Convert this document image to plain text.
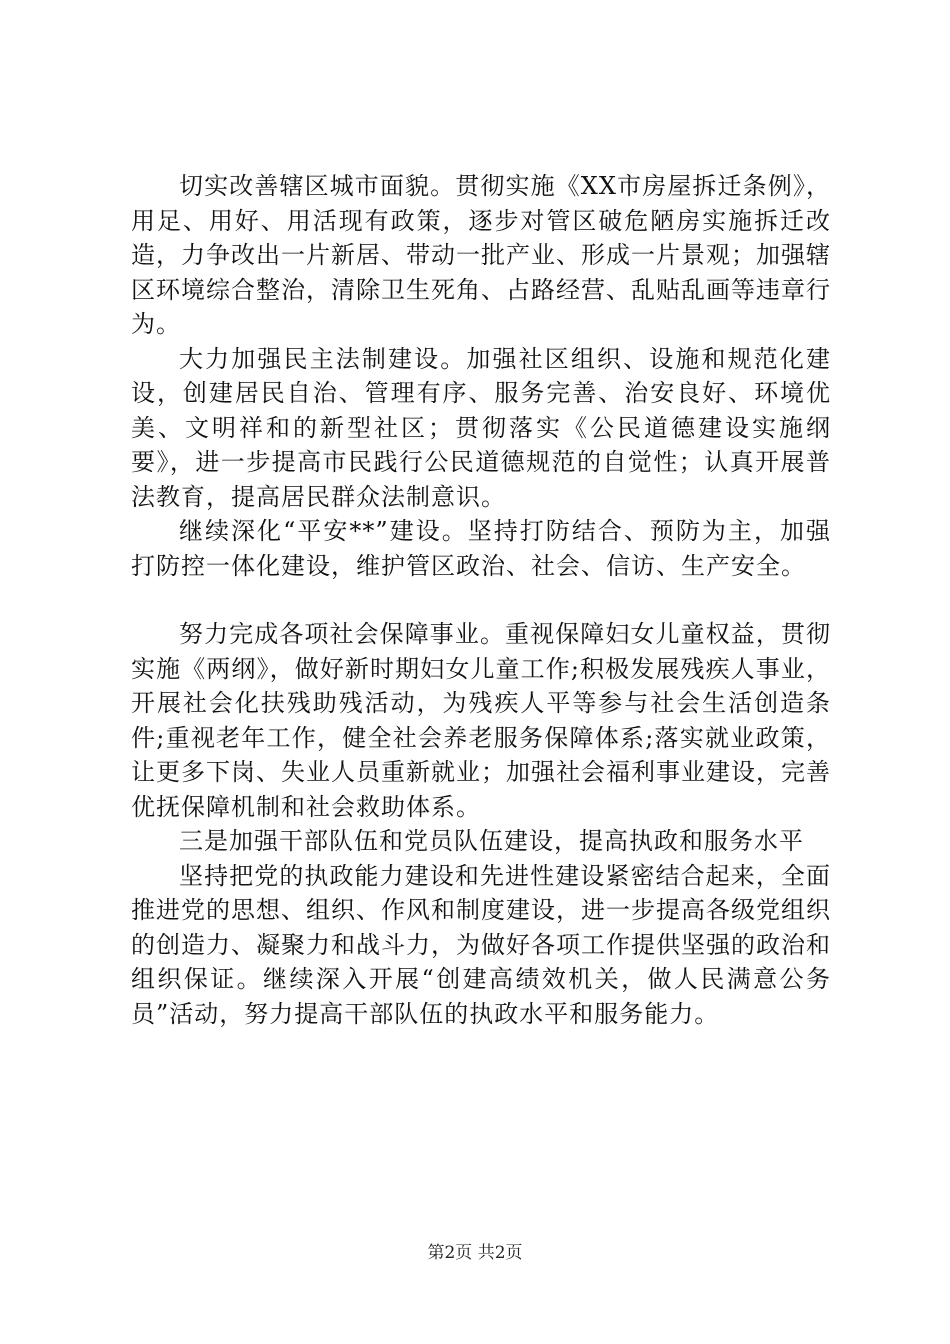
切实改善辖区城市面貌。贯彻实施《XX市房屋拆迁条例》，用足、用好、用活现有政策，逐步对管区破危陋房实施拆迁改造，力争改出一片新居、带动一批产业、形成一片景观；加强辖区环境综合整治，清除卫生死角、占路经营、乱贴乱画等违章行为。

大力加强民主法制建设。加强社区组织、设施和规范化建设，创建居民自治、管理有序、服务完善、治安良好、环境优美、文明祥和的新型社区；贯彻落实《公民道德建设实施纲要》，进一步提高市民践行公民道德规范的自觉性；认真开展普法教育，提高居民群众法制意识。

继续深化“平安**”建设。坚持打防结合、预防为主，加强打防控一体化建设，维护管区政治、社会、信访、生产安全。

努力完成各项社会保障事业。重视保障妇女儿童权益，贯彻实施《两纲》，做好新时期妇女儿童工作;积极发展残疾人事业，开展社会化扶残助残活动，为残疾人平等参与社会生活创造条件;重视老年工作，健全社会养老服务保障体系;落实就业政策，让更多下岗、失业人员重新就业；加强社会福利事业建设，完善优抚保障机制和社会救助体系。

三是加强干部队伍和党员队伍建设，提高执政和服务水平

坚持把党的执政能力建设和先进性建设紧密结合起来，全面推进党的思想、组织、作风和制度建设，进一步提高各级党组织的创造力、凝聚力和战斗力，为做好各项工作提供坚强的政治和组织保证。继续深入开展“创建高绩效机关，做人民满意公务员”活动，努力提高干部队伍的执政水平和服务能力。

第2页 共2页
